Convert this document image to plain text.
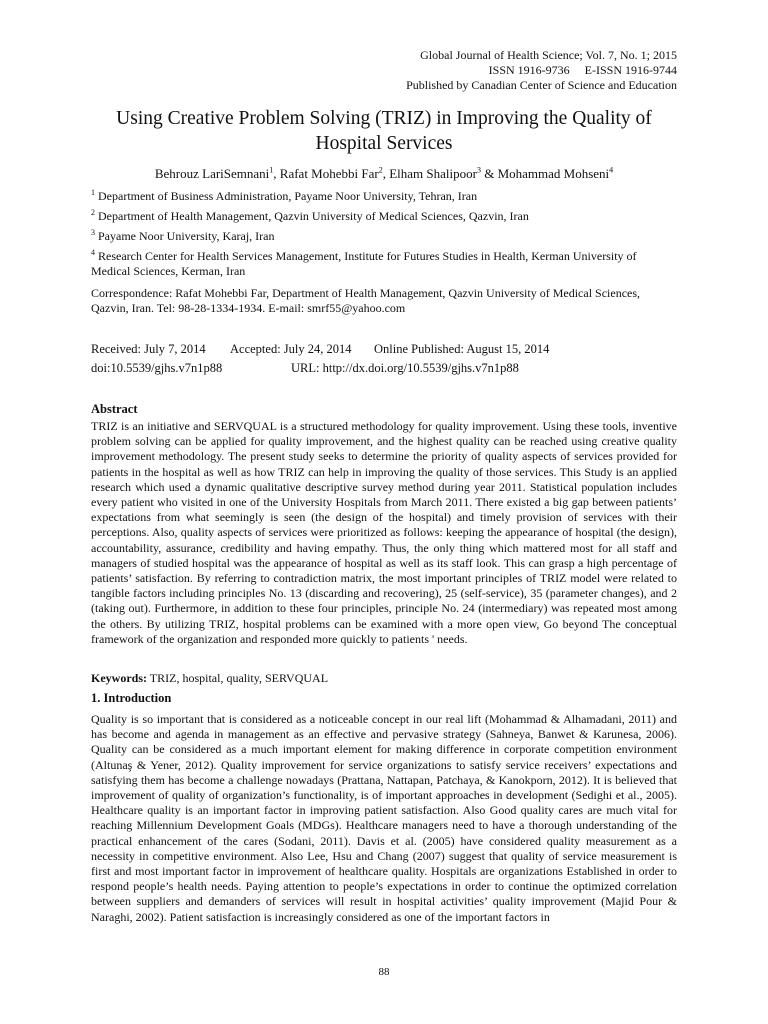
Global Journal of Health Science; Vol. 7, No. 1; 2015
ISSN 1916-9736     E-ISSN 1916-9744
Published by Canadian Center of Science and Education
Using Creative Problem Solving (TRIZ) in Improving the Quality of Hospital Services
Behrouz LariSemnani$^1$, Rafat Mohebbi Far$^2$, Elham Shalipoor$^3$ & Mohammad Mohseni$^4$
$^1$ Department of Business Administration, Payame Noor University, Tehran, Iran
$^2$ Department of Health Management, Qazvin University of Medical Sciences, Qazvin, Iran
$^3$ Payame Noor University, Karaj, Iran
$^4$ Research Center for Health Services Management, Institute for Futures Studies in Health, Kerman University of Medical Sciences, Kerman, Iran
Correspondence: Rafat Mohebbi Far, Department of Health Management, Qazvin University of Medical Sciences, Qazvin, Iran. Tel: 98-28-1334-1934. E-mail: smrf55@yahoo.com
Received: July 7, 2014 Accepted: July 24, 2014 Online Published: August 15, 2014
doi:10.5539/gjhs.v7n1p88	URL: http://dx.doi.org/10.5539/gjhs.v7n1p88
Abstract

TRIZ is an initiative and SERVQUAL is a structured methodology for quality improvement. Using these tools, inventive problem solving can be applied for quality improvement, and the highest quality can be reached using creative quality improvement methodology. The present study seeks to determine the priority of quality aspects of services provided for patients in the hospital as well as how TRIZ can help in improving the quality of those services. This Study is an applied research which used a dynamic qualitative descriptive survey method during year 2011. Statistical population includes every patient who visited in one of the University Hospitals from March 2011. There existed a big gap between patients’ expectations from what seemingly is seen (the design of the hospital) and timely provision of services with their perceptions. Also, quality aspects of services were prioritized as follows: keeping the appearance of hospital (the design), accountability, assurance, credibility and having empathy. Thus, the only thing which mattered most for all staff and managers of studied hospital was the appearance of hospital as well as its staff look. This can grasp a high percentage of patients’ satisfaction. By referring to contradiction matrix, the most important principles of TRIZ model were related to tangible factors including principles No. 13 (discarding and recovering), 25 (self-service), 35 (parameter changes), and 2 (taking out). Furthermore, in addition to these four principles, principle No. 24 (intermediary) was repeated most among the others. By utilizing TRIZ, hospital problems can be examined with a more open view, Go beyond The conceptual framework of the organization and responded more quickly to patients ' needs.

Keywords: TRIZ, hospital, quality, SERVQUAL
1. Introduction

Quality is so important that is considered as a noticeable concept in our real lift (Mohammad & Alhamadani, 2011) and has become and agenda in management as an effective and pervasive strategy (Sahneya, Banwet & Karunesa, 2006). Quality can be considered as a much important element for making difference in corporate competition environment (Altunaş & Yener, 2012). Quality improvement for service organizations to satisfy service receivers’ expectations and satisfying them has become a challenge nowadays (Prattana, Nattapan, Patchaya, & Kanokporn, 2012). It is believed that improvement of quality of organization’s functionality, is of important approaches in development (Sedighi et al., 2005). Healthcare quality is an important factor in improving patient satisfaction. Also Good quality cares are much vital for reaching Millennium Development Goals (MDGs). Healthcare managers need to have a thorough understanding of the practical enhancement of the cares (Sodani, 2011). Davis et al. (2005) have considered quality measurement as a necessity in competitive environment. Also Lee, Hsu and Chang (2007) suggest that quality of service measurement is first and most important factor in improvement of healthcare quality. Hospitals are organizations Established in order to respond people’s health needs. Paying attention to people’s expectations in order to continue the optimized correlation between suppliers and demanders of services will result in hospital activities’ quality improvement (Majid Pour & Naraghi, 2002). Patient satisfaction is increasingly considered as one of the important factors in

88
